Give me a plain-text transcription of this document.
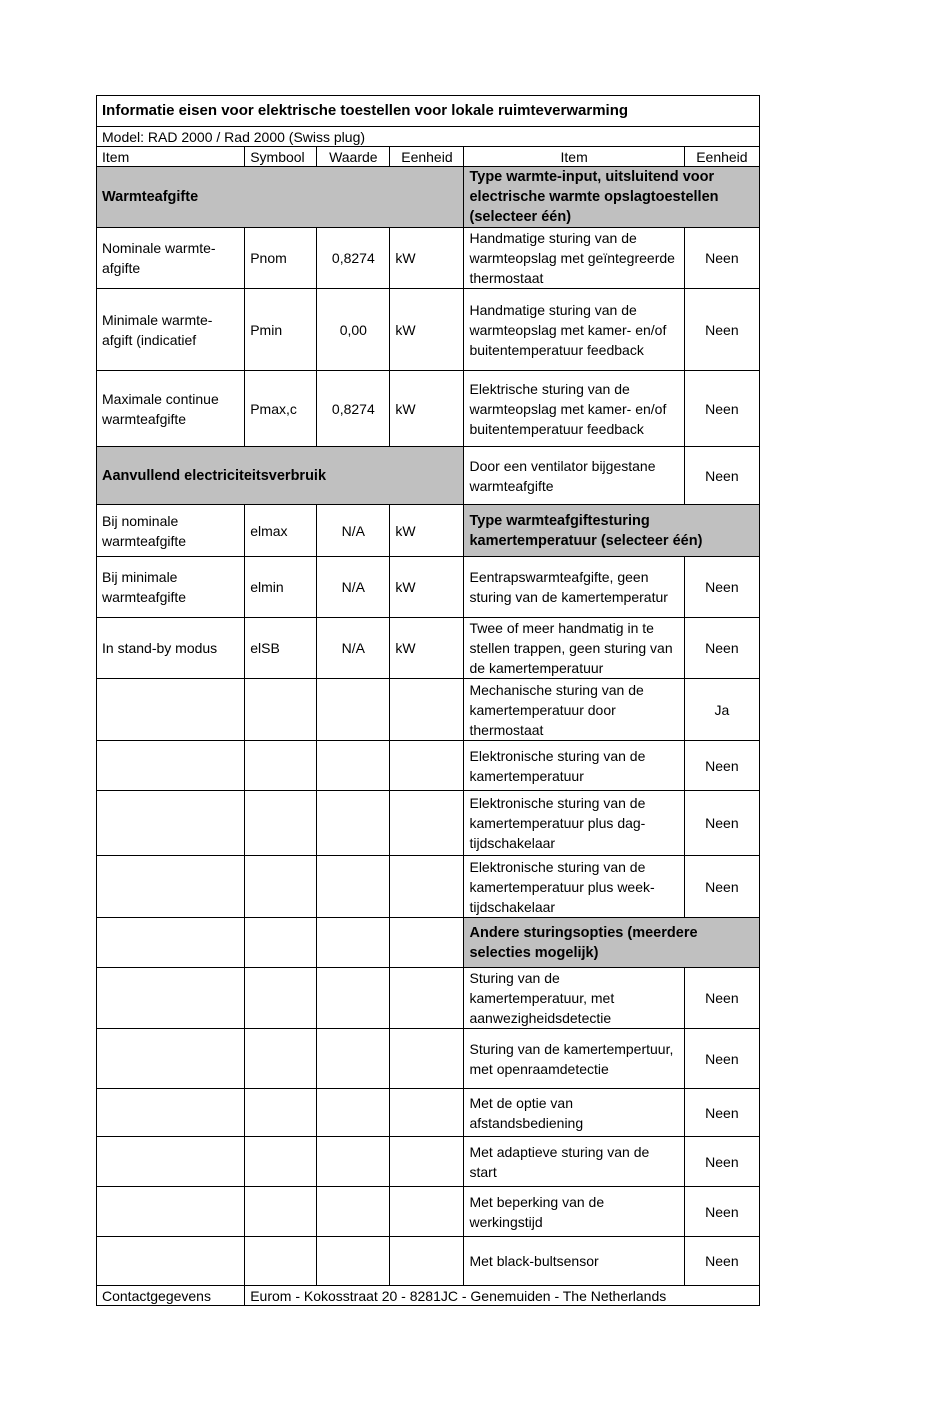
Informatie eisen voor elektrische toestellen voor lokale ruimteverwarming					
Model: RAD 2000 / Rad 2000 (Swiss plug)					
Item	Symbool	Waarde	Eenheid	Item	Eenheid
Warmteafgifte				Type warmte-input, uitsluitend voor electrische warmte opslagtoestellen (selecteer één)	
Nominale warmte-afgifte	Pnom	0,8274	kW	Handmatige sturing van de warmteopslag met geïntegreerde thermostaat	Neen
Minimale warmte-afgift (indicatief	Pmin	0,00	kW	Handmatige sturing van de warmteopslag met kamer- en/of buitentemperatuur feedback	Neen
Maximale continue warmteafgifte	Pmax,c	0,8274	kW	Elektrische sturing van de warmteopslag met kamer- en/of buitentemperatuur feedback	Neen
Aanvullend electriciteitsverbruik				Door een ventilator bijgestane warmteafgifte	Neen
Bij nominale warmteafgifte	elmax	N/A	kW	Type warmteafgiftesturing kamertemperatuur (selecteer één)	
Bij minimale warmteafgifte	elmin	N/A	kW	Eentrapswarmteafgifte, geen sturing van de kamertemperatur	Neen
In stand-by modus	elSB	N/A	kW	Twee of meer handmatig in te stellen trappen, geen sturing van de kamertemperatuur	Neen
				Mechanische sturing van de kamertemperatuur door thermostaat	Ja
				Elektronische sturing van de kamertemperatuur	Neen
				Elektronische sturing van de kamertemperatuur plus dag-tijdschakelaar	Neen
				Elektronische sturing van de kamertemperatuur plus week-tijdschakelaar	Neen
				Andere sturingsopties (meerdere selecties mogelijk)	
				Sturing van de kamertemperatuur, met aanwezigheidsdetectie	Neen
				Sturing van de kamertempertuur, met openraamdetectie	Neen
				Met de optie van afstandsbediening	Neen
				Met adaptieve sturing van de start	Neen
				Met beperking van de werkingstijd	Neen
				Met black-bultsensor	Neen
Contactgegevens	Eurom - Kokosstraat 20 - 8281JC - Genemuiden - The Netherlands				
